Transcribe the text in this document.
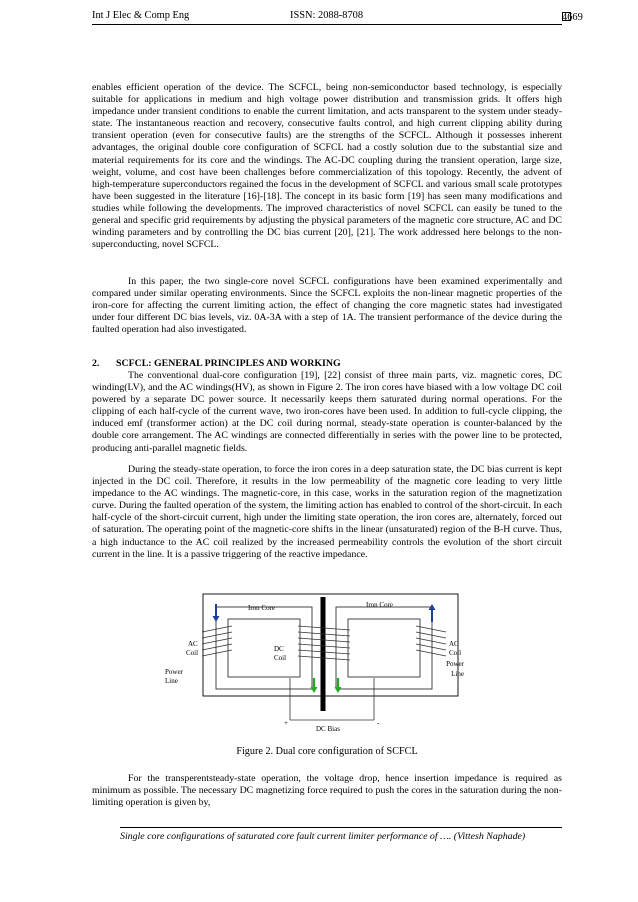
Int J Elec & Comp Eng	ISSN: 2088-8708	4669

enables efficient operation of the device. The SCFCL, being non-semiconductor based technology, is especially suitable for applications in medium and high voltage power distribution and transmission grids. It offers high impedance under transient conditions to enable the current limitation, and acts transparent to the system under steady-state. The instantaneous reaction and recovery, consecutive faults control, and high current clipping ability during transient operation (even for consecutive faults) are the strengths of the SCFCL. Although it possesses inherent advantages, the original double core configuration of SCFCL had a costly solution due to the substantial size and material requirements for its core and the windings. The AC-DC coupling during the transient operation, large size, weight, volume, and cost have been challenges before commercialization of this topology. Recently, the advent of high-temperature superconductors regained the focus in the development of SCFCL and various small scale prototypes have been suggested in the literature [16]-[18]. The concept in its basic form [19] has seen many modifications and studies while following the developments. The improved characteristics of novel SCFCL can easily be tuned to the general and specific grid requirements by adjusting the physical parameters of the magnetic core structure, AC and DC winding parameters and by controlling the DC bias current [20], [21]. The work addressed here belongs to the non-superconducting, novel SCFCL.

In this paper, the two single-core novel SCFCL configurations have been examined experimentally and compared under similar operating environments. Since the SCFCL exploits the non-linear magnetic properties of the iron-core for affecting the current limiting action, the effect of changing the core magnetic states had investigated under four different DC bias levels, viz. 0A-3A with a step of 1A. The transient performance of the device during the faulted operation had also investigated.

2. SCFCL: GENERAL PRINCIPLES AND WORKING

The conventional dual-core configuration [19], [22] consist of three main parts, viz. magnetic cores, DC winding(LV), and the AC windings(HV), as shown in Figure 2. The iron cores have biased with a low voltage DC coil powered by a separate DC power source. It necessarily keeps them saturated during normal operations. For the clipping of each half-cycle of the current wave, two iron-cores have been used. In addition to full-cycle clipping, the induced emf (transformer action) at the DC coil during normal, steady-state operation is counter-balanced by the double core arrangement. The AC windings are connected differentially in series with the power line to be protected, producing anti-parallel magnetic fields.

During the steady-state operation, to force the iron cores in a deep saturation state, the DC bias current is kept injected in the DC coil. Therefore, it results in the low permeability of the magnetic core leading to very little impedance to the AC windings. The magnetic-core, in this case, works in the saturation region of the magnetization curve. During the faulted operation of the system, the limiting action has enabled to control of the short-circuit. In each half-cycle of the short-circuit current, high under the limiting state operation, the iron cores are, alternately, forced out of saturation. The operating point of the magnetic-core shifts in the linear (unsaturated) region of the B-H curve. Thus, a high inductance to the AC coil realized by the increased permeability controls the evolution of the short circuit current in the line. It is a passive triggering of the reactive impedance.

Iron Core	Iron Core
AC
Coil
AC
Coil
DC
Coil
Power
Line
Power
Line
DC Bias
+	-
Figure 2. Dual core configuration of SCFCL

For the transperentsteady-state operation, the voltage drop, hence insertion impedance is required as minimum as possible. The necessary DC magnetizing force required to push the cores in the saturation during the non-limiting operation is given by,

Single core configurations of saturated core fault current limiter performance of …. (Vittesh Naphade)
